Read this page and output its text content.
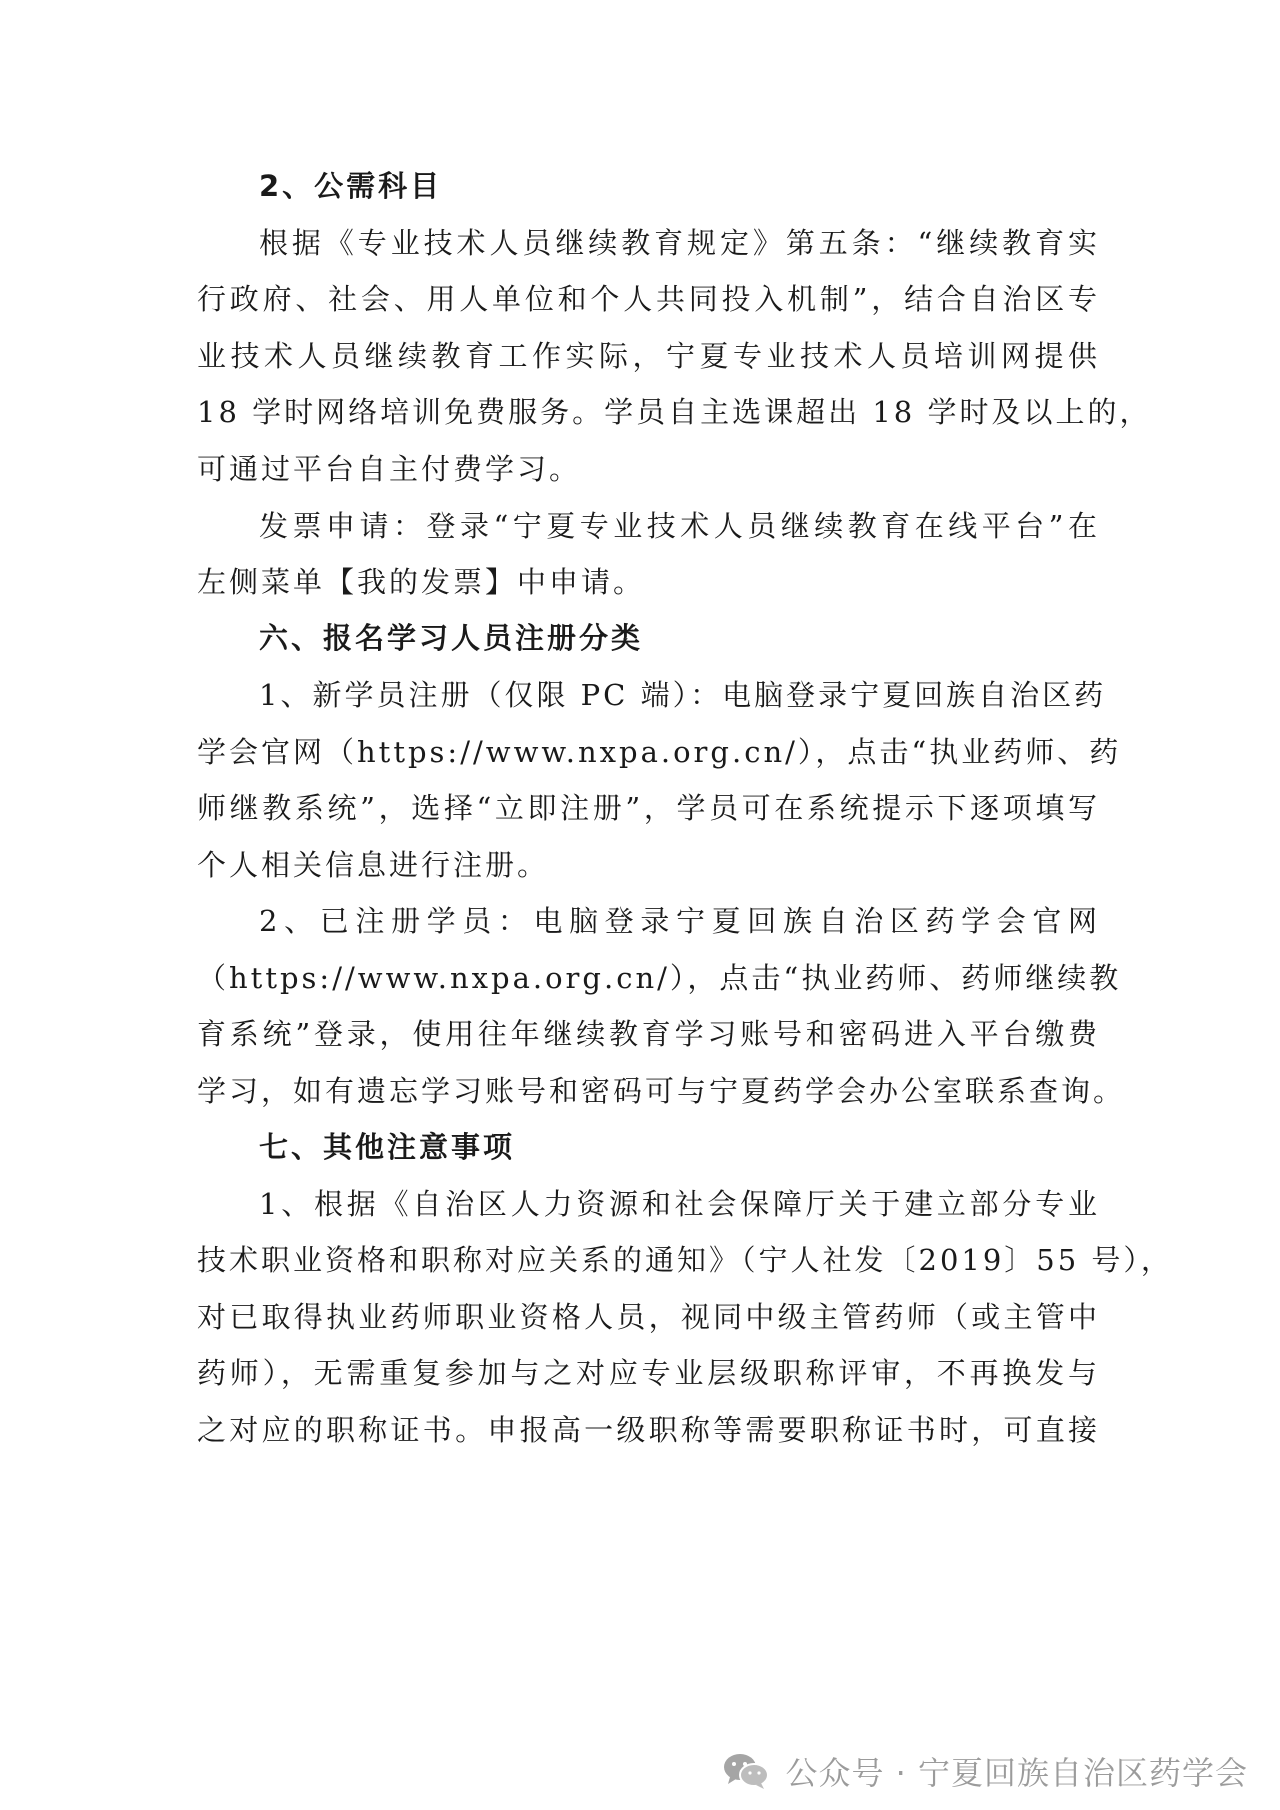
2、公需科目
根据《专业技术人员继续教育规定》第五条：“继续教育实
行政府、社会、用人单位和个人共同投入机制”，结合自治区专
业技术人员继续教育工作实际，宁夏专业技术人员培训网提供
18 学时网络培训免费服务。学员自主选课超出 18 学时及以上的，
可通过平台自主付费学习。
发票申请：登录“宁夏专业技术人员继续教育在线平台”在
左侧菜单【我的发票】中申请。
六、报名学习人员注册分类
1、新学员注册（仅限 PC 端）：电脑登录宁夏回族自治区药
学会官网（https://www.nxpa.org.cn/），点击“执业药师、药
师继教系统”，选择“立即注册”，学员可在系统提示下逐项填写
个人相关信息进行注册。
2、已注册学员：电脑登录宁夏回族自治区药学会官网
（https://www.nxpa.org.cn/），点击“执业药师、药师继续教
育系统”登录，使用往年继续教育学习账号和密码进入平台缴费
学习，如有遗忘学习账号和密码可与宁夏药学会办公室联系查询。
七、其他注意事项
1、根据《自治区人力资源和社会保障厅关于建立部分专业
技术职业资格和职称对应关系的通知》（宁人社发〔2019〕55 号），
对已取得执业药师职业资格人员，视同中级主管药师（或主管中
药师），无需重复参加与之对应专业层级职称评审，不再换发与
之对应的职称证书。申报高一级职称等需要职称证书时，可直接
公众号 · 宁夏回族自治区药学会
